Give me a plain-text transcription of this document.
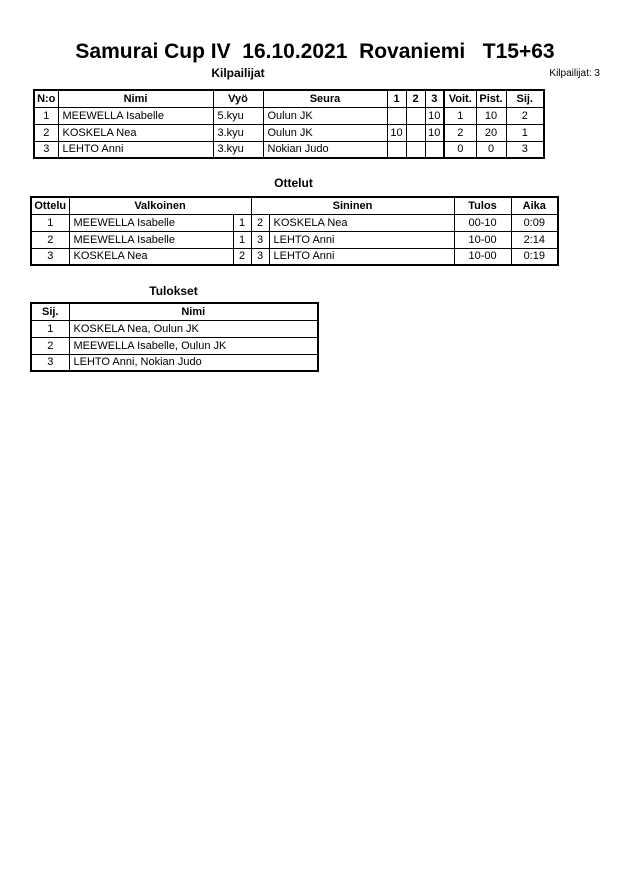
Samurai Cup IV  16.10.2021  Rovaniemi   T15+63
Kilpailijat	Kilpailijat: 3
N:o	Nimi	Vyö	Seura	1	2	3	Voit.	Pist.	Sij.
1	MEEWELLA Isabelle	5.kyu	Oulun JK			10	1	10	2
2	KOSKELA Nea	3.kyu	Oulun JK	10		10	2	20	1
3	LEHTO Anni	3.kyu	Nokian Judo				0	0	3
Ottelut
Ottelu	Valkoinen		Sininen		Tulos	Aika
1	MEEWELLA Isabelle	1	2	KOSKELA Nea	00-10	0:09
2	MEEWELLA Isabelle	1	3	LEHTO Anni	10-00	2:14
3	KOSKELA Nea	2	3	LEHTO Anni	10-00	0:19
Tulokset
Sij.	Nimi
1	KOSKELA Nea, Oulun JK
2	MEEWELLA Isabelle, Oulun JK
3	LEHTO Anni, Nokian Judo
